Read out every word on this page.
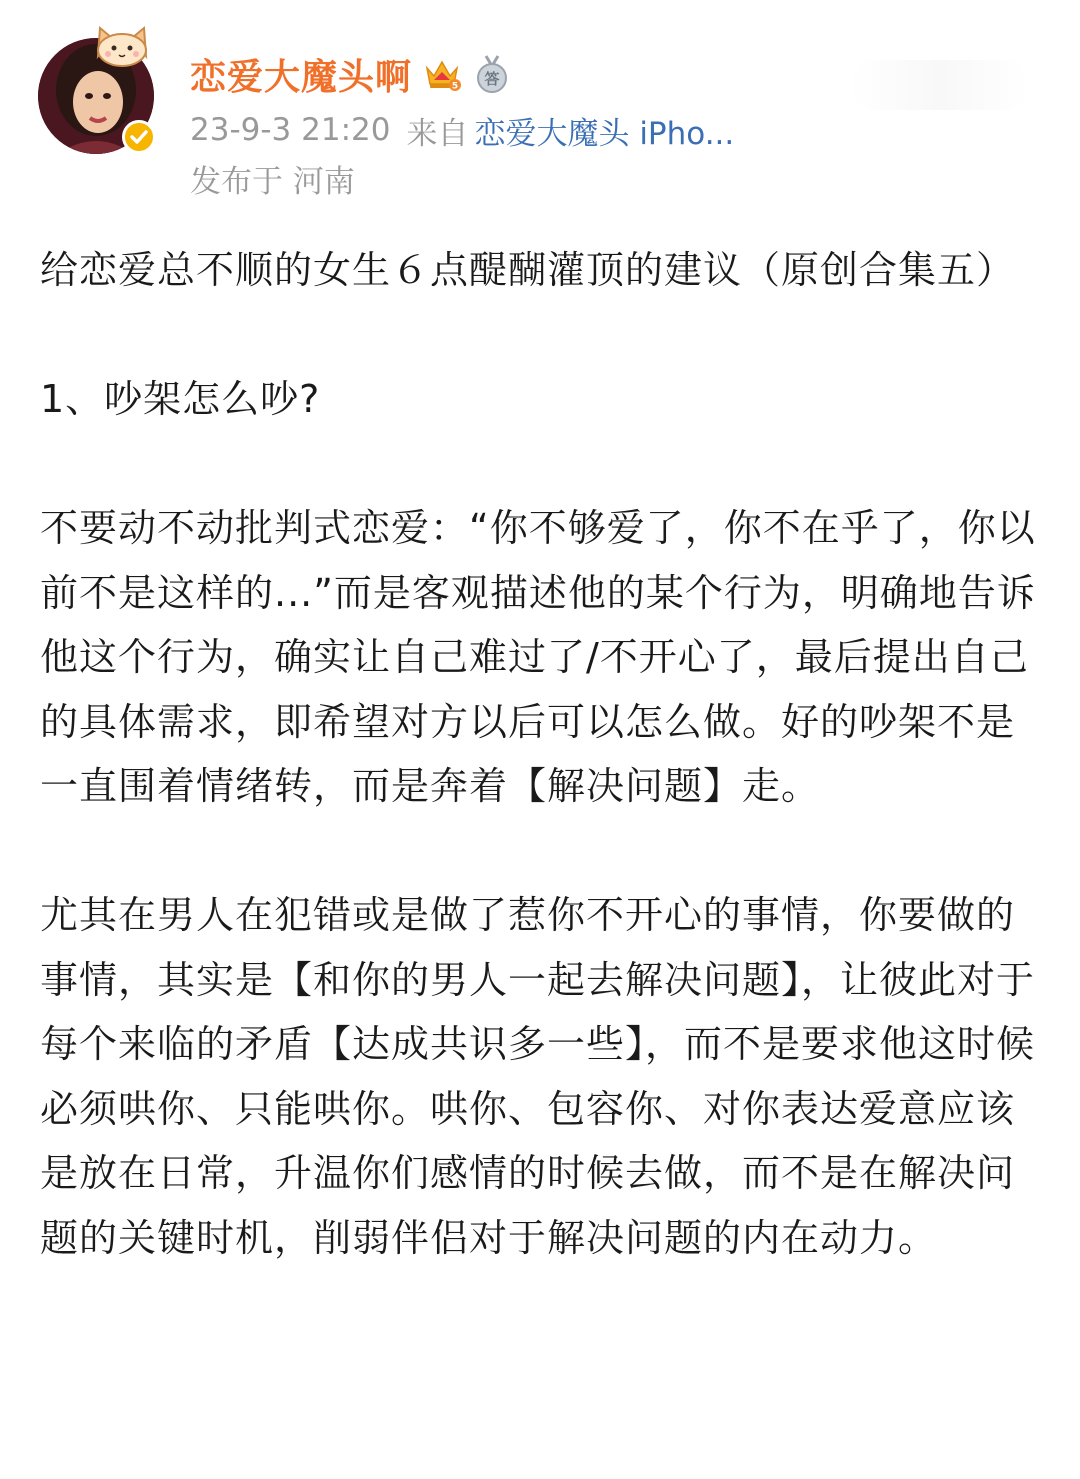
恋爱大魔头啊	5 答
23-9-3 21:20 来自 恋爱大魔头 iPho...
发布于 河南

给恋爱总不顺的女生６点醍醐灌顶的建议（原创合集五）

1、吵架怎么吵?

不要动不动批判式恋爱：“你不够爱了，你不在乎了，你以前不是这样的...”而是客观描述他的某个行为，明确地告诉他这个行为，确实让自己难过了/不开心了，最后提出自己的具体需求，即希望对方以后可以怎么做。好的吵架不是一直围着情绪转，而是奔着【解决问题】走。

尤其在男人在犯错或是做了惹你不开心的事情，你要做的事情，其实是【和你的男人一起去解决问题】，让彼此对于每个来临的矛盾【达成共识多一些】，而不是要求他这时候必须哄你、只能哄你。哄你、包容你、对你表达爱意应该是放在日常，升温你们感情的时候去做，而不是在解决问题的关键时机，削弱伴侣对于解决问题的内在动力。
